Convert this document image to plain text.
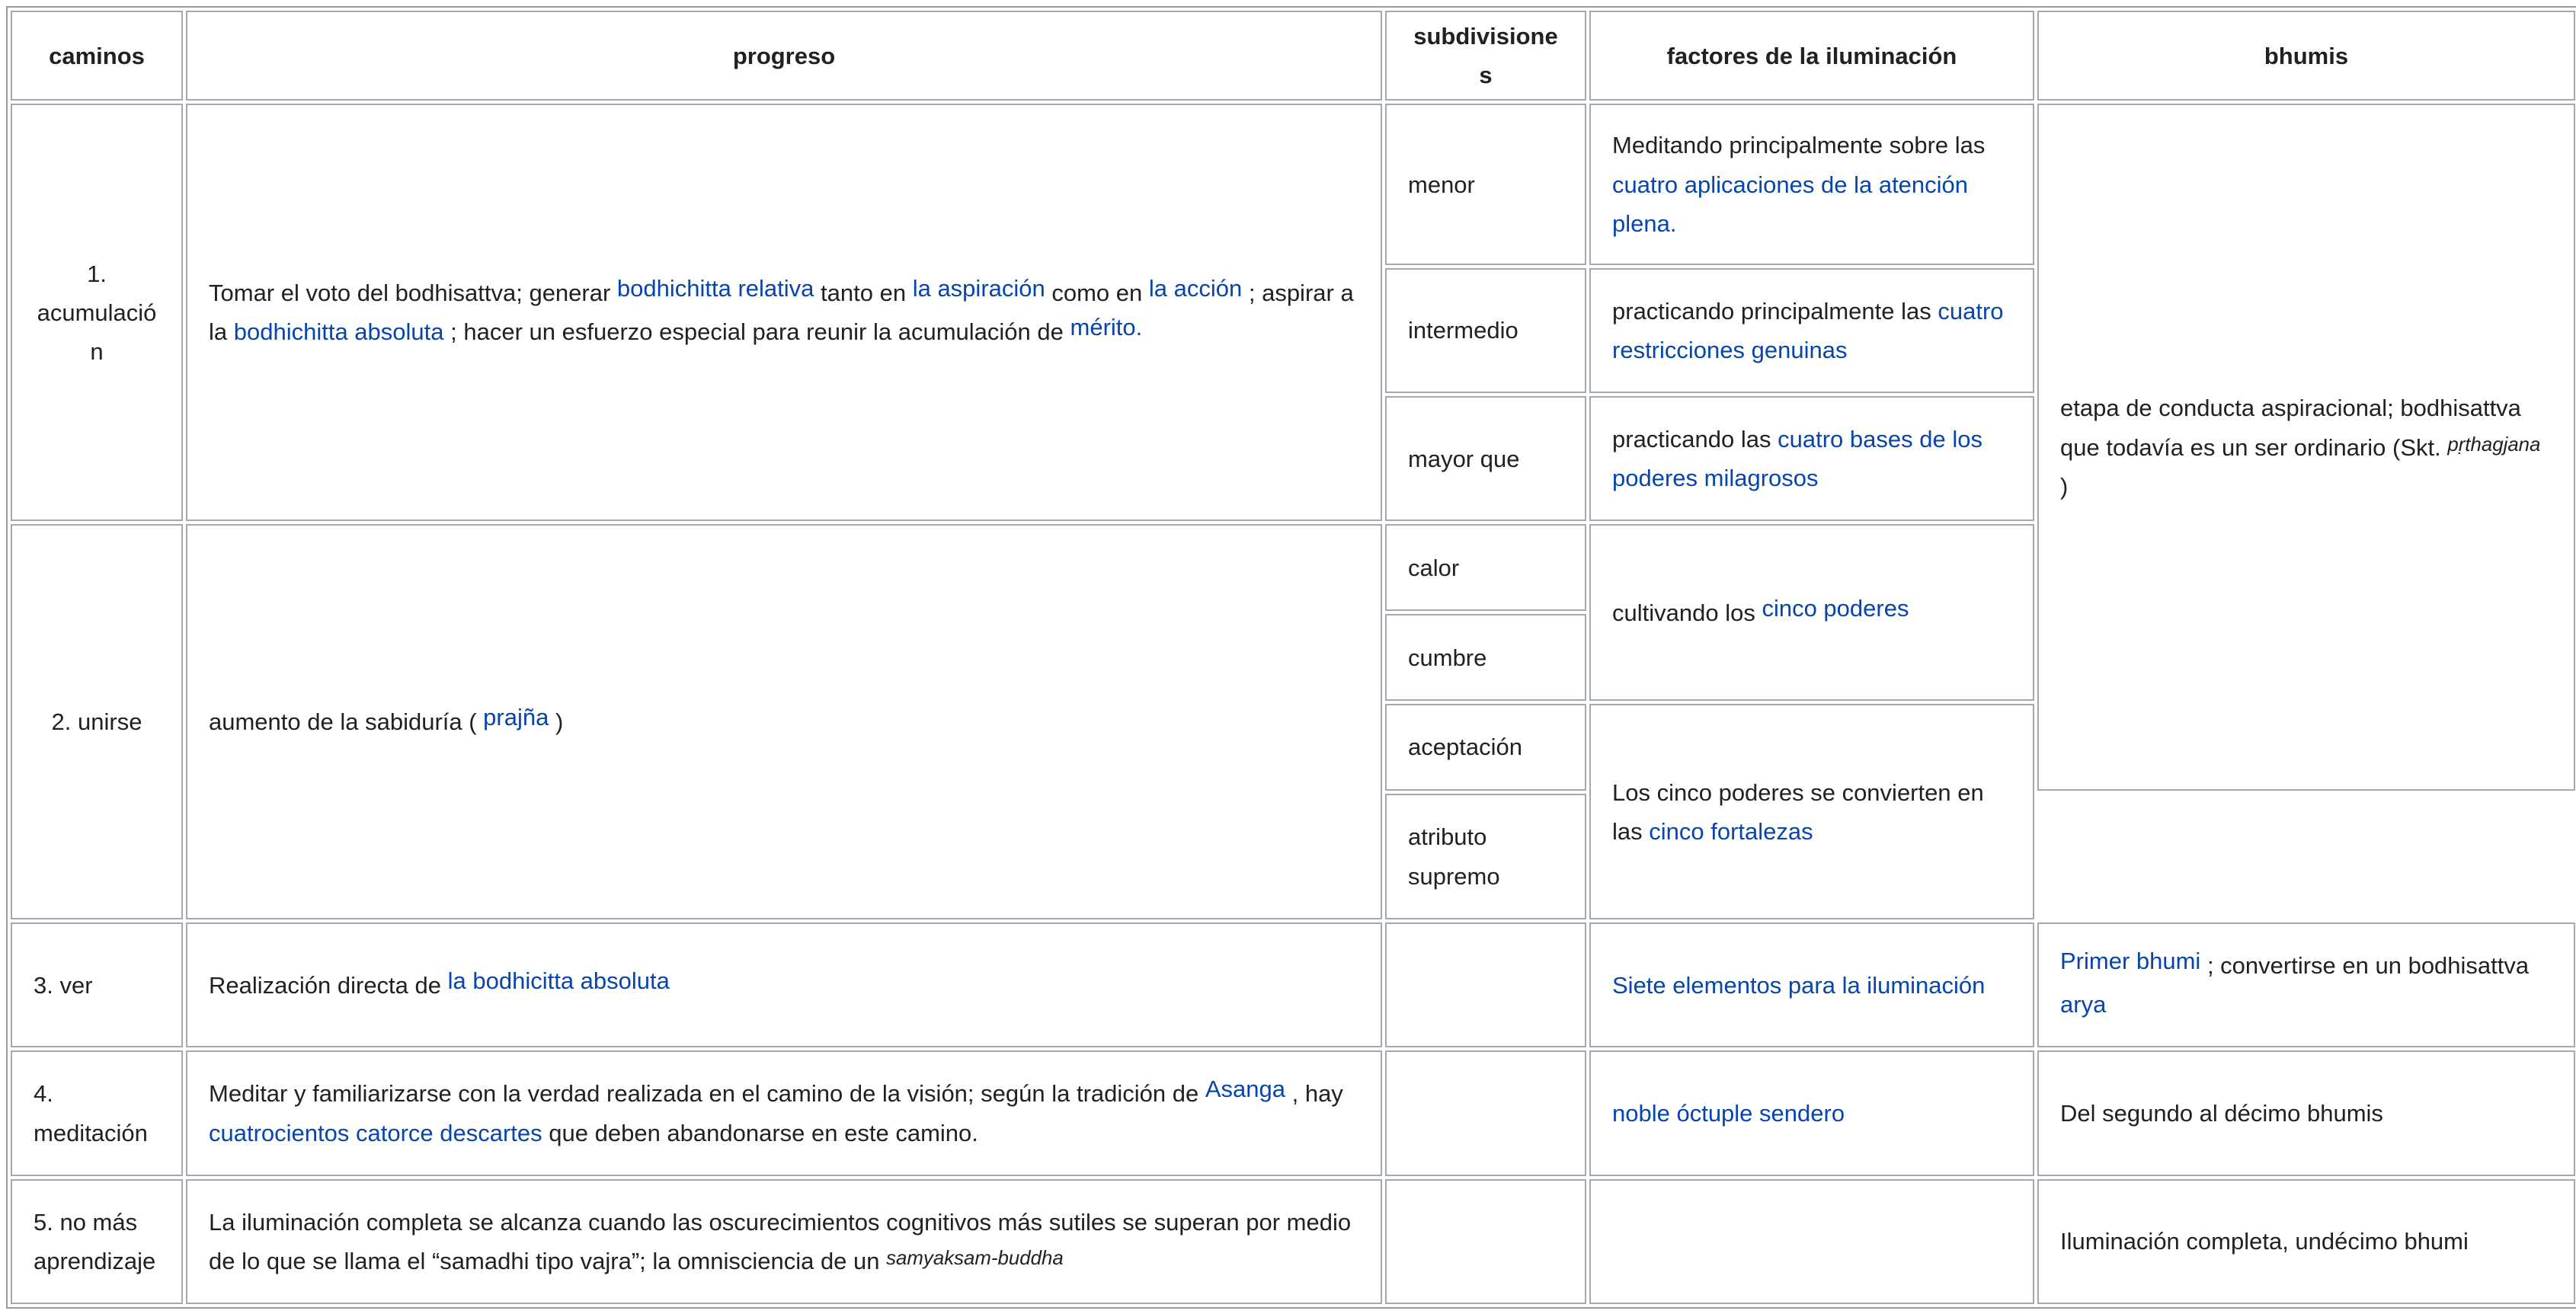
caminos	progreso	subdivisiones	factores de la iluminación	bhumis
1. acumulación	Tomar el voto del bodhisattva; generar $^{bodhichitta relativa}$ tanto en $^{la aspiración}$ como en $^{la acción}$ ; aspirar a la bodhichitta absoluta ; hacer un esfuerzo especial para reunir la acumulación de $^{mérito.}$	menor	Meditando principalmente sobre las cuatro aplicaciones de la atención plena.	etapa de conducta aspiracional; bodhisattva que todavía es un ser ordinario (Skt. $^{pṛthagjana}$ )
		intermedio	practicando principalmente las cuatro restricciones genuinas	
		mayor que	practicando las cuatro bases de los poderes milagrosos	
2. unirse	aumento de la sabiduría ( $^{prajña}$ )	calor	cultivando los $^{cinco poderes}$
		cumbre		
		aceptación	Los cinco poderes se convierten en las cinco fortalezas	
		atributo supremo		
3. ver	Realización directa de $^{la bodhicitta absoluta}$		Siete elementos para la iluminación	$^{Primer bhumi}$ ; convertirse en un bodhisattva arya
4. meditación	Meditar y familiarizarse con la verdad realizada en el camino de la visión; según la tradición de $^{Asanga}$ , hay cuatrocientos catorce descartes que deben abandonarse en este camino.		noble óctuple sendero	Del segundo al décimo bhumis
5. no más aprendizaje	La iluminación completa se alcanza cuando las oscurecimientos cognitivos más sutiles se superan por medio de lo que se llama el “samadhi tipo vajra”; la omnisciencia de un $^{samyaksam-buddha}$			Iluminación completa, undécimo bhumi
